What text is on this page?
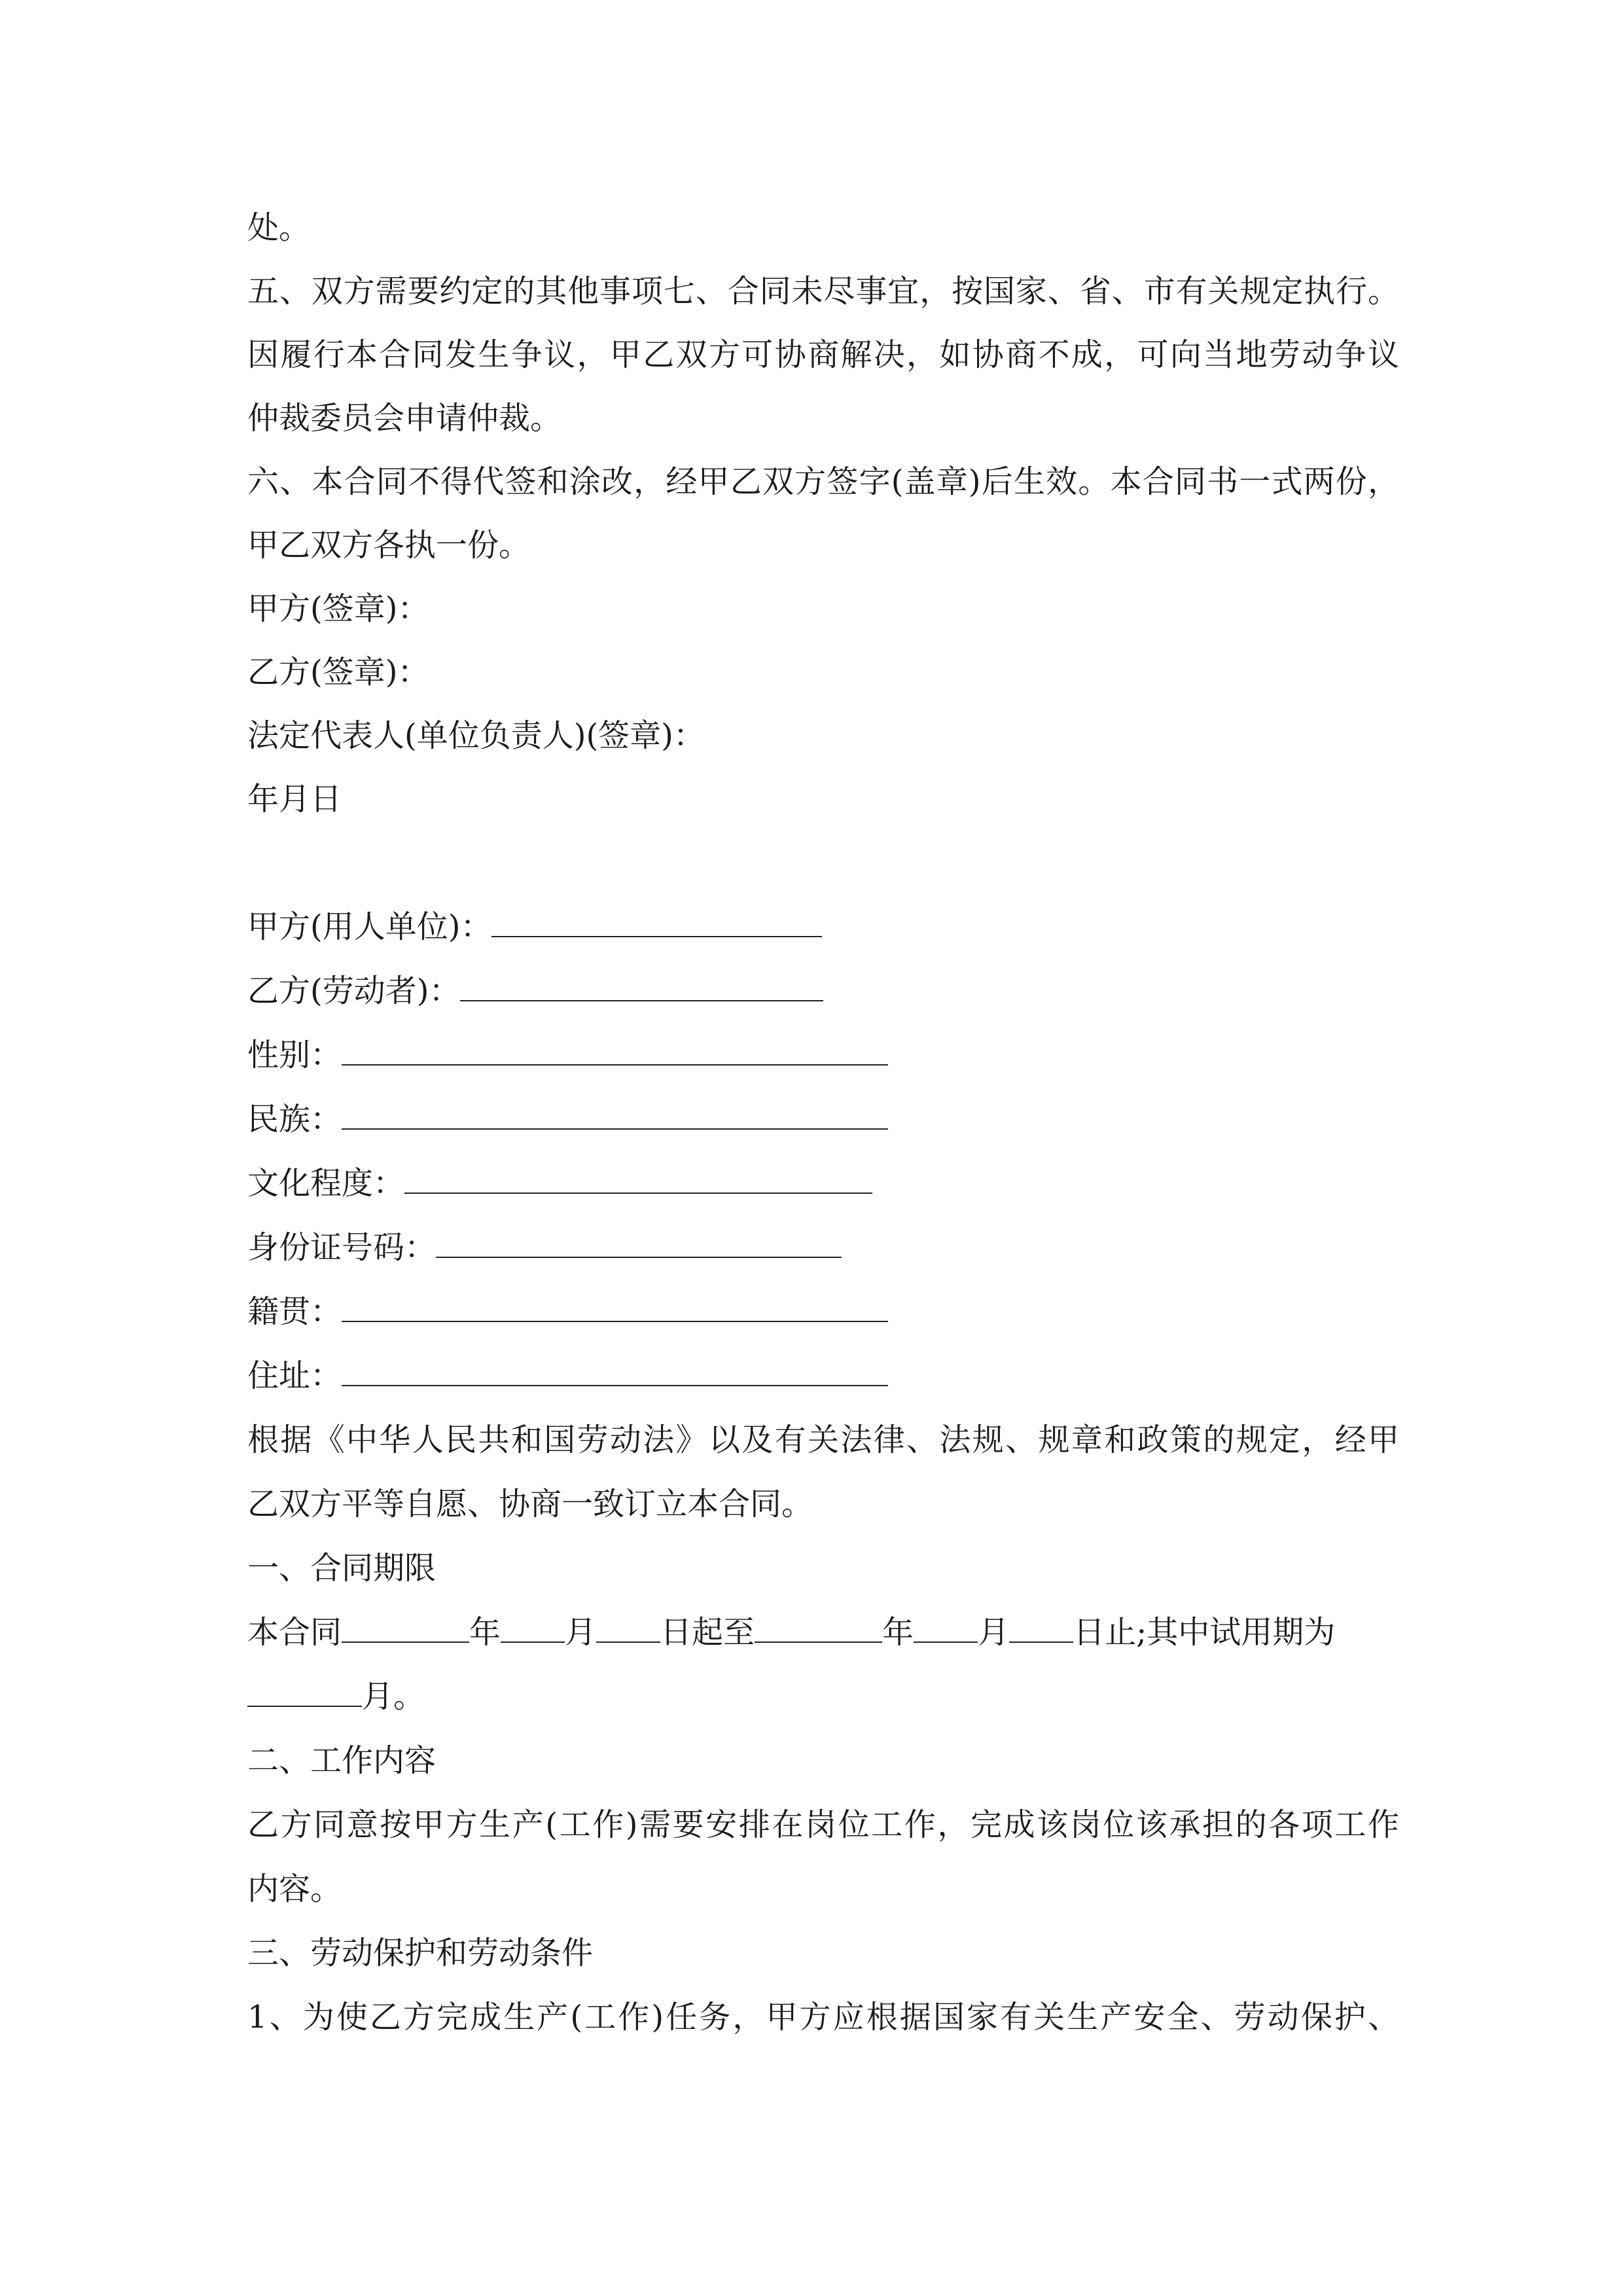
处。
五、双方需要约定的其他事项七、合同未尽事宜，按国家、省、市有关规定执行。
因履行本合同发生争议，甲乙双方可协商解决，如协商不成，可向当地劳动争议
仲裁委员会申请仲裁。
六、本合同不得代签和涂改，经甲乙双方签字(盖章)后生效。本合同书一式两份，
甲乙双方各执一份。
甲方(签章)：
乙方(签章)：
法定代表人(单位负责人)(签章)：
年月日
甲方(用人单位)：
乙方(劳动者)：
性别：
民族：
文化程度：
身份证号码：
籍贯：
住址：
根据《中华人民共和国劳动法》以及有关法律、法规、规章和政策的规定，经甲
乙双方平等自愿、协商一致订立本合同。
一、合同期限
本合同	年 月 日起至	年 月 日止;其中试用期为
月。
二、工作内容
乙方同意按甲方生产(工作)需要安排在岗位工作，完成该岗位该承担的各项工作
内容。
三、劳动保护和劳动条件
1、为使乙方完成生产(工作)任务，甲方应根据国家有关生产安全、劳动保护、
